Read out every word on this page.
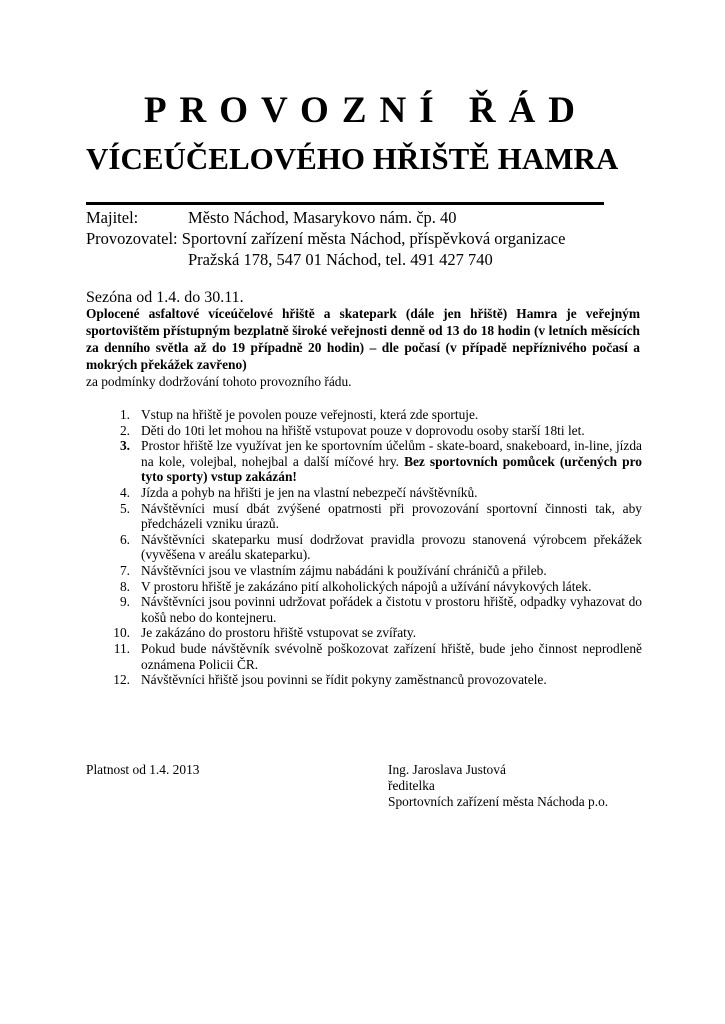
PROVOZNÍ ŘÁD
VÍCEÚČELOVÉHO HŘIŠTĚ HAMRA
Majitel:	Město Náchod, Masarykovo nám. čp. 40
Provozovatel: Sportovní zařízení města Náchod, příspěvková organizace
Pražská 178, 547 01 Náchod, tel. 491 427 740
Sezóna od 1.4. do 30.11.
Oplocené asfaltové víceúčelové hřiště a skatepark (dále jen hřiště) Hamra je veřejným sportovištěm přístupným bezplatně široké veřejnosti denně od 13 do 18 hodin (v letních měsících za denního světla až do 19 případně 20 hodin) – dle počasí (v případě nepříznivého počasí a mokrých překážek zavřeno)
za podmínky dodržování tohoto provozního řádu.
1. Vstup na hřiště je povolen pouze veřejnosti, která zde sportuje.
2. Děti do 10ti let mohou na hřiště vstupovat pouze v doprovodu osoby starší 18ti let.
3. Prostor hřiště lze využívat jen ke sportovním účelům - skate-board, snakeboard, in-line, jízda na kole, volejbal, nohejbal a další míčové hry. Bez sportovních pomůcek (určených pro tyto sporty) vstup zakázán!
4. Jízda a pohyb na hřišti je jen na vlastní nebezpečí návštěvníků.
5. Návštěvníci musí dbát zvýšené opatrnosti při provozování sportovní činnosti tak, aby předcházeli vzniku úrazů.
6. Návštěvníci skateparku musí dodržovat pravidla provozu stanovená výrobcem překážek (vyvěšena v areálu skateparku).
7. Návštěvníci jsou ve vlastním zájmu nabádáni k používání chráničů a přileb.
8. V prostoru hřiště je zakázáno pití alkoholických nápojů a užívání návykových látek.
9. Návštěvníci jsou povinni udržovat pořádek a čistotu v prostoru hřiště, odpadky vyhazovat do košů nebo do kontejneru.
10. Je zakázáno do prostoru hřiště vstupovat se zvířaty.
11. Pokud bude návštěvník svévolně poškozovat zařízení hřiště, bude jeho činnost neprodleně oznámena Policii ČR.
12. Návštěvníci hřiště jsou povinni se řídit pokyny zaměstnanců provozovatele.
Platnost od 1.4. 2013	Ing. Jaroslava Justová
ředitelka
Sportovních zařízení města Náchoda p.o.
